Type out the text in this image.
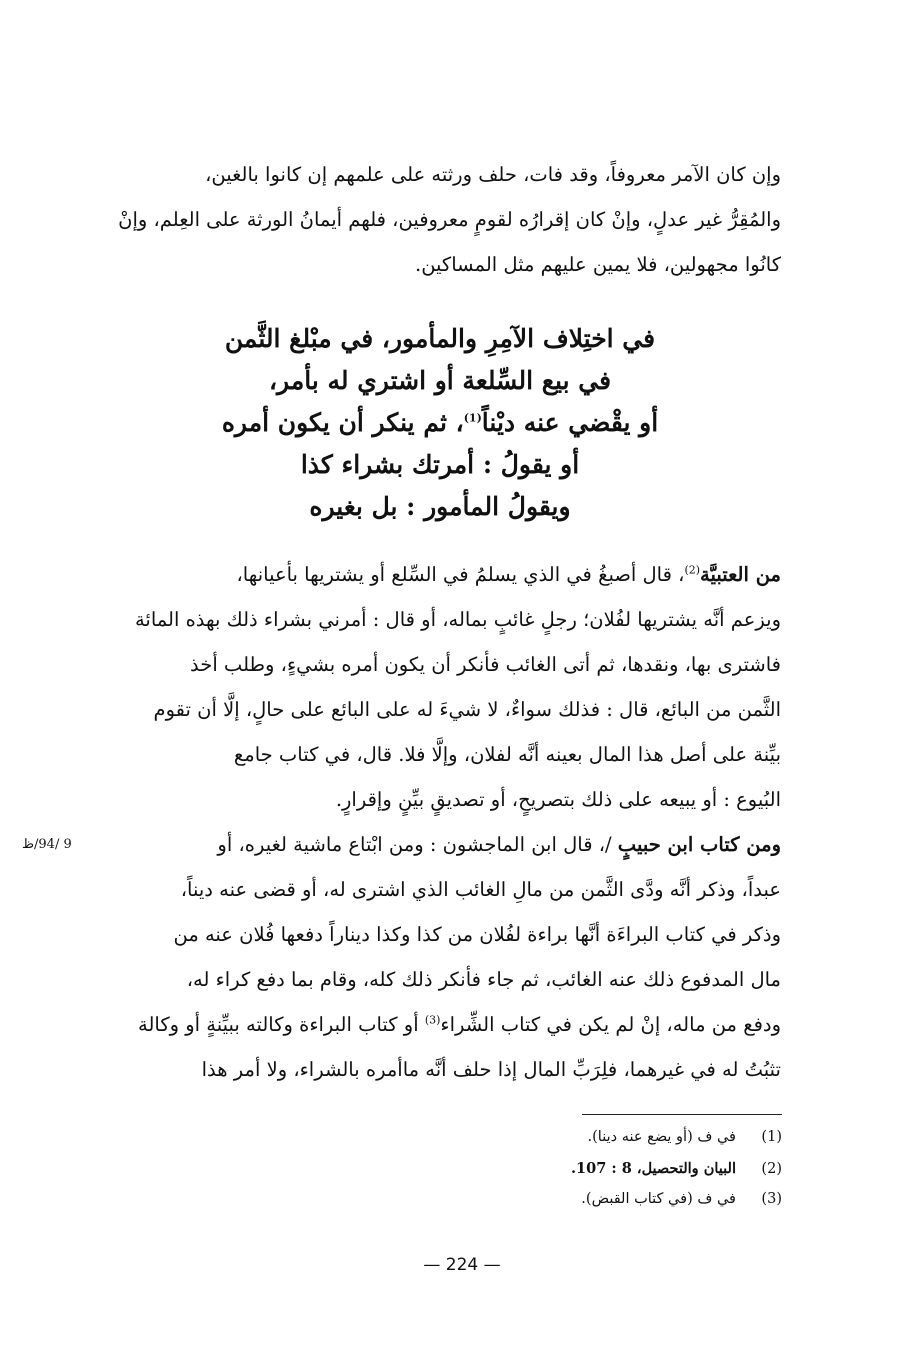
وإن كان الآمر معروفاً، وقد فات، حلف ورثته على علمهم إن كانوا بالغين،
والمُقِرُّ غير عدلٍ، وإنْ كان إقرارُه لقومٍ معروفين، فلهم أيمانُ الورثة على العِلم، وإنْ
كانُوا مجهولين، فلا يمين عليهم مثل المساكين.
في اختِلاف الآمِرِ والمأمور، في مبْلغ الثَّمن
في بيع السِّلعة أو اشتري له بأمر،
أو يقْضي عنه ديْناً$^{(1)}$، ثم ينكر أن يكون أمره
أو يقولُ : أمرتك بشراء كذا
ويقولُ المأمور : بل بغيره
من العتبيَّة$^{(2)}$، قال أصبغُ في الذي يسلمُ في السِّلع أو يشتريها بأعيانها،
ويزعم أنَّه يشتريها لفُلان؛ رجلٍ غائبٍ بماله، أو قال : أمرني بشراء ذلك بهذه المائة
فاشترى بها، ونقدها، ثم أتى الغائب فأنكر أن يكون أمره بشيءٍ، وطلب أخذ
الثَّمن من البائع، قال : فذلك سواءٌ، لا شيءَ له على البائع على حالٍ، إلَّا أن تقوم
بيِّنة على أصل هذا المال بعينه أنَّه لفلان، وإلَّا فلا. قال، في كتاب جامع
البُيوع : أو يبيعه على ذلك بتصريحٍ، أو تصديقٍ بيِّنٍ وإقرارٍ.
9 /94/ظ	ومن كتاب ابن حبيبٍ /، قال ابن الماجشون : ومن ابْتاع ماشية لغيره، أو
عبداً، وذكر أنَّه ودَّى الثَّمن من مالِ الغائب الذي اشترى له، أو قضى عنه ديناً،
وذكر في كتاب البراءَة أنَّها براءة لفُلان من كذا وكذا ديناراً دفعها فُلان عنه من
مال المدفوع ذلك عنه الغائب، ثم جاء فأنكر ذلك كله، وقام بما دفع كراء له،
ودفع من ماله، إنْ لم يكن في كتاب الشِّراء$^{(3)}$ أو كتاب البراءة وكالته ببيِّنةٍ أو وكالة
تثبُتُ له في غيرهما، فلِرَبِّ المال إذا حلف أنَّه ماأمره بالشراء، ولا أمر هذا
(1)في ف (أو يضع عنه دينا).
(2)البيان والتحصيل، 8 : 107.
(3)في ف (في كتاب القبض).
— 224 —
